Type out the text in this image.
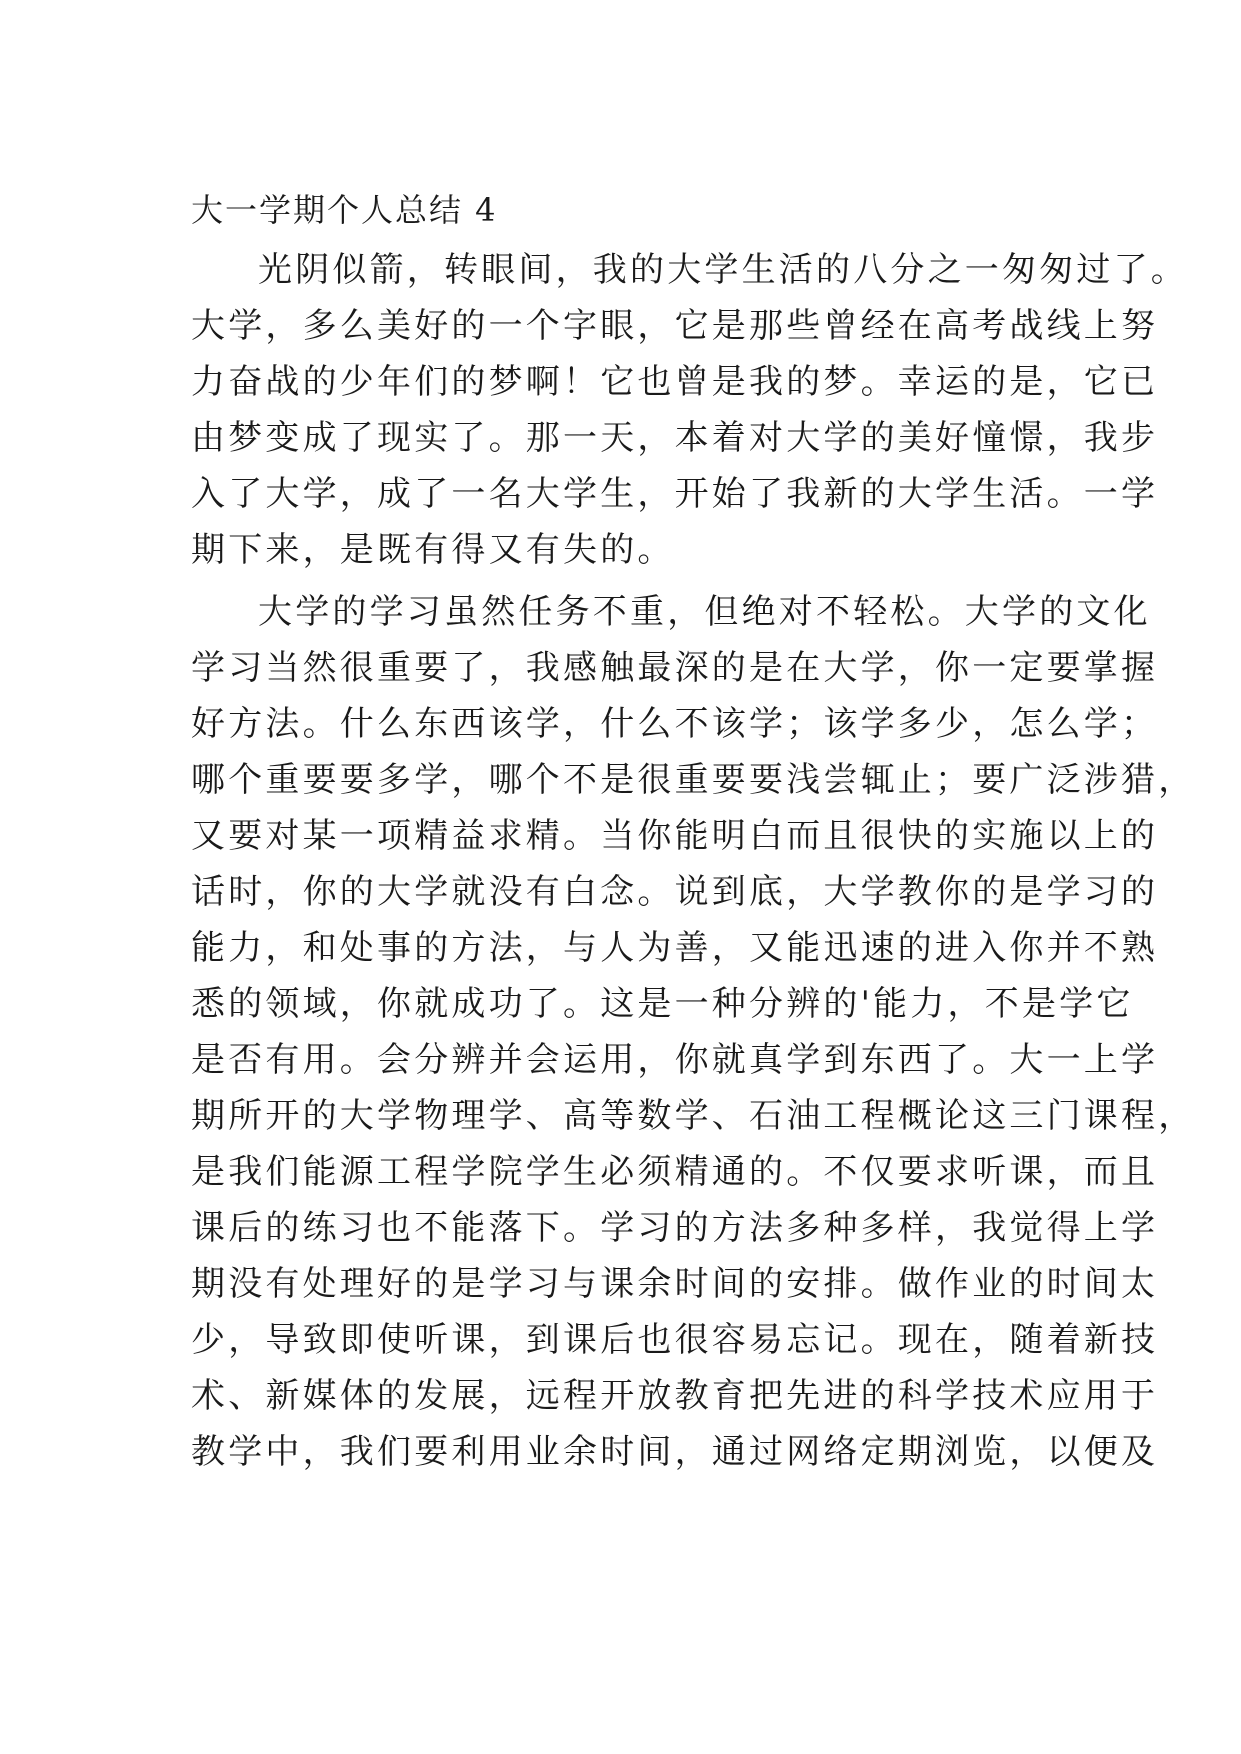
大一学期个人总结 4
光阴似箭，转眼间，我的大学生活的八分之一匆匆过了。
大学，多么美好的一个字眼，它是那些曾经在高考战线上努
力奋战的少年们的梦啊！它也曾是我的梦。幸运的是，它已
由梦变成了现实了。那一天，本着对大学的美好憧憬，我步
入了大学，成了一名大学生，开始了我新的大学生活。一学
期下来，是既有得又有失的。
大学的学习虽然任务不重，但绝对不轻松。大学的文化
学习当然很重要了，我感触最深的是在大学，你一定要掌握
好方法。什么东西该学，什么不该学；该学多少，怎么学；
哪个重要要多学，哪个不是很重要要浅尝辄止；要广泛涉猎，
又要对某一项精益求精。当你能明白而且很快的实施以上的
话时，你的大学就没有白念。说到底，大学教你的是学习的
能力，和处事的方法，与人为善，又能迅速的进入你并不熟
悉的领域，你就成功了。这是一种分辨的'能力，不是学它
是否有用。会分辨并会运用，你就真学到东西了。大一上学
期所开的大学物理学、高等数学、石油工程概论这三门课程，
是我们能源工程学院学生必须精通的。不仅要求听课，而且
课后的练习也不能落下。学习的方法多种多样，我觉得上学
期没有处理好的是学习与课余时间的安排。做作业的时间太
少，导致即使听课，到课后也很容易忘记。现在，随着新技
术、新媒体的发展，远程开放教育把先进的科学技术应用于
教学中，我们要利用业余时间，通过网络定期浏览，以便及
